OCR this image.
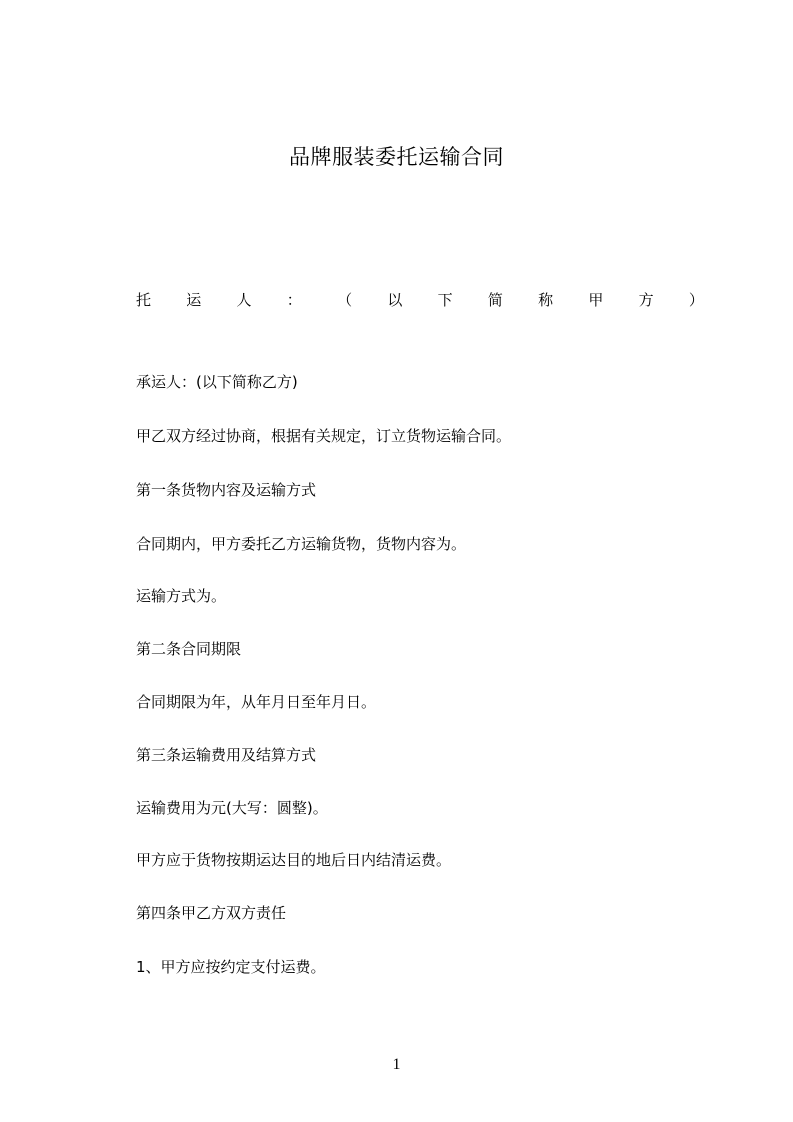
品牌服装委托运输合同
托 运 人 ： （ 以 下 简 称 甲 方 ）
承运人：(以下简称乙方)
甲乙双方经过协商，根据有关规定，订立货物运输合同。
第一条货物内容及运输方式
合同期内，甲方委托乙方运输货物，货物内容为。
运输方式为。
第二条合同期限
合同期限为年，从年月日至年月日。
第三条运输费用及结算方式
运输费用为元(大写：圆整)。
甲方应于货物按期运达目的地后日内结清运费。
第四条甲乙方双方责任
1、甲方应按约定支付运费。
1
